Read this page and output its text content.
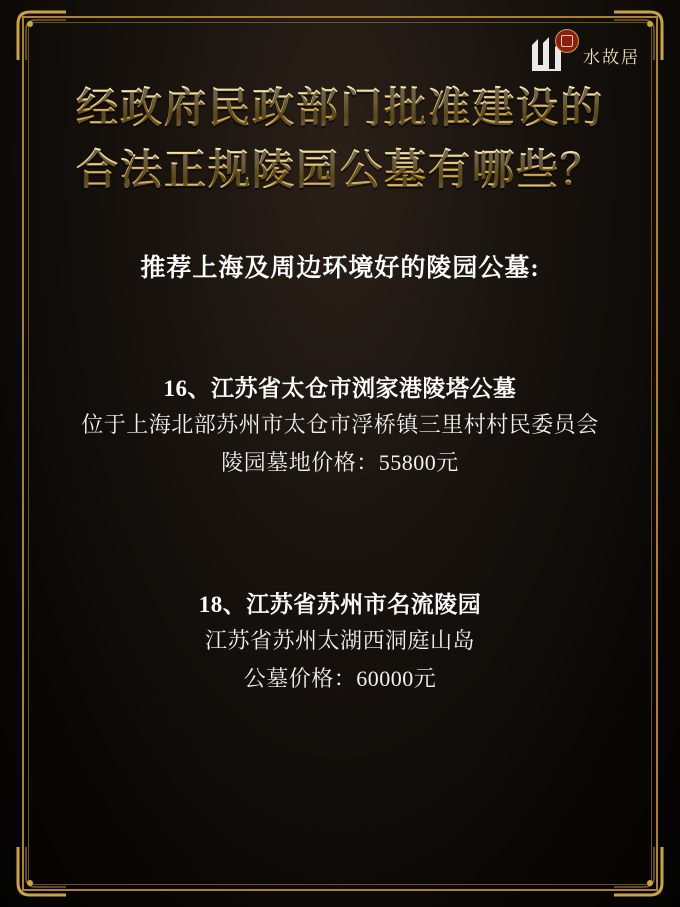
水故居
经政府民政部门批准建设的
合法正规陵园公墓有哪些？
推荐上海及周边环境好的陵园公墓:
16、江苏省太仓市浏家港陵塔公墓
位于上海北部苏州市太仓市浮桥镇三里村村民委员会
陵园墓地价格：55800元
18、江苏省苏州市名流陵园
江苏省苏州太湖西洞庭山岛
公墓价格：60000元
